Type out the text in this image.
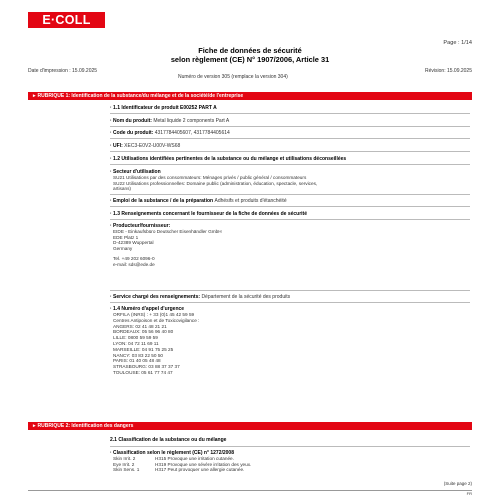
E·COLL
Page : 1/14
Fiche de données de sécurité
selon règlement (CE) N° 1907/2006, Article 31
Date d'impression : 15.09.2025
Numéro de version 305 (remplace la version 304)
Révision: 15.09.2025
▸ RUBRIQUE 1: Identification de la substance/du mélange et de la société/de l'entreprise
· 1.1 Identificateur de produit E00252 PART A
· Nom du produit: Metal liquide 2 components Part A
· Code du produit: 4317784405607, 4317784405614
· UFI: XEC3-E0V2-U00V-WS68
· 1.2 Utilisations identifiées pertinentes de la substance ou du mélange et utilisations déconseillées
· Secteur d'utilisation
SU21 Utilisations par des consommateurs: Ménages privés / public général / consommateurs
SU22 Utilisations professionnelles: Domaine public (administration, éducation, spectacle, services,
artisans)
· Emploi de la substance / de la préparation Adhésifs et produits d'étanchéité
· 1.3 Renseignements concernant le fournisseur de la fiche de données de sécurité
· Producteur/fournisseur:
EIDE - Einkaufsbüro Deutscher Eisenhändler GmbH
EDE Platz 1
D-42389 Wuppertal
Germany
Tel. +49 202 6096-0
e-mail: sds@ede.de
· Service chargé des renseignements: Département de la sécurité des produits
· 1.4 Numéro d'appel d'urgence
ORFILA (INRS) : + 33 (0)1 45 42 59 59
Centres Antipoison et de Toxicovigilance :
ANGERS: 02 41 48 21 21
BORDEAUX: 05 56 96 40 80
LILLE: 0800 59 59 59
LYON: 04 72 11 69 11
MARSEILLE: 04 91 75 25 25
NANCY: 03 83 22 50 50
PARIS: 01 40 05 48 48
STRASBOURG: 03 88 37 37 37
TOULOUSE: 05 61 77 74 47
▸ RUBRIQUE 2: Identification des dangers
2.1 Classification de la substance ou du mélange
· Classification selon le règlement (CE) n° 1272/2008
Skin Irrit. 2	H315 Provoque une irritation cutanée.
Eye Irrit. 2	H319 Provoque une sévère irritation des yeux.
Skin Sens. 1	H317 Peut provoquer une allergie cutanée.
(Suite page 2)
FR
